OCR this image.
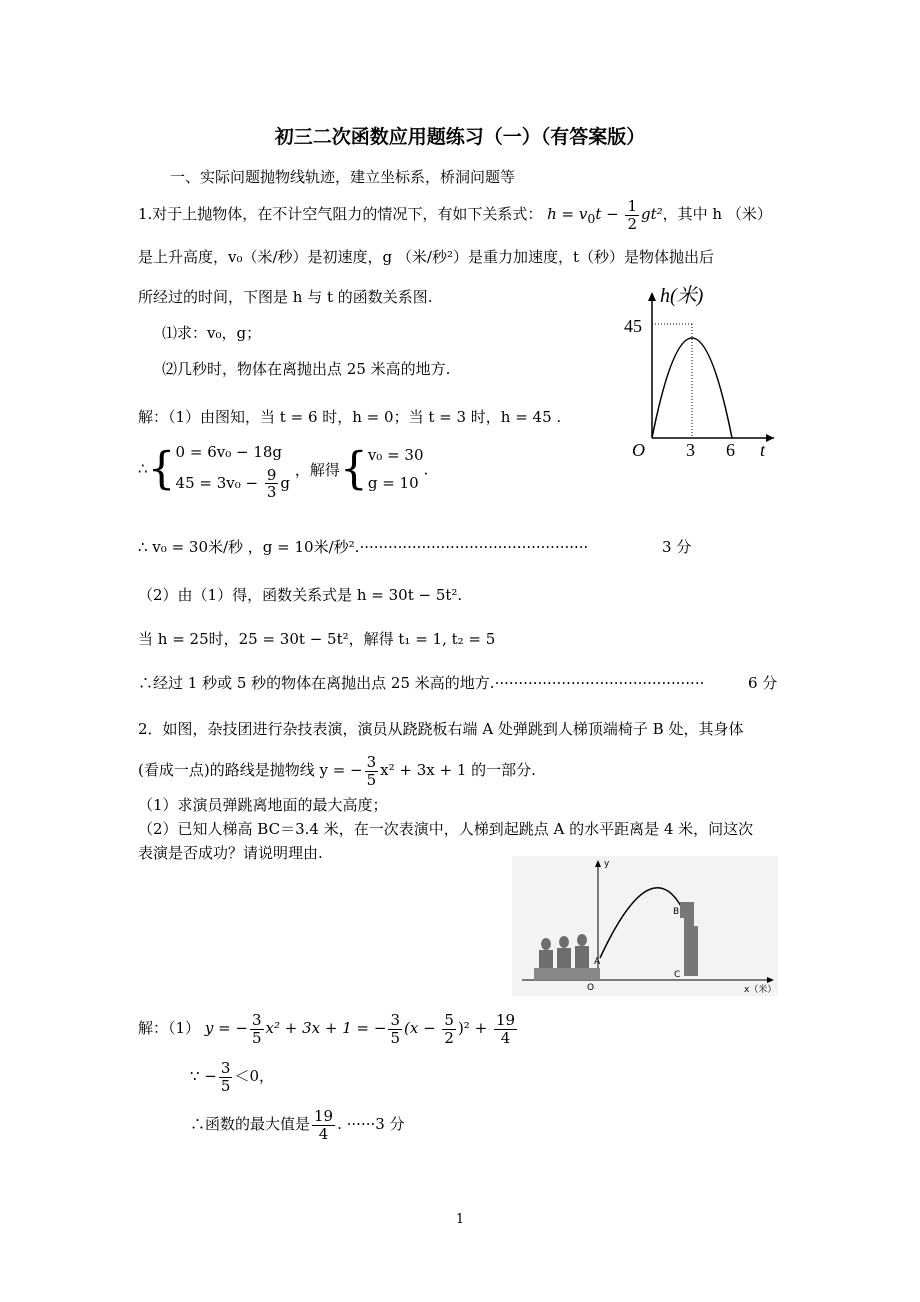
初三二次函数应用题练习（一）（有答案版）
一、实际问题抛物线轨迹，建立坐标系，桥洞问题等
1.对于上抛物体，在不计空气阻力的情况下，有如下关系式： $h = v_0t - \frac{1}{2} gt^2$，其中 h （米）
是上升高度，v₀（米/秒）是初速度，g （米/秒²）是重力加速度，t（秒）是物体抛出后
所经过的时间，下图是 h 与 t 的函数关系图.
⑴求：v₀，g；
⑵几秒时，物体在离抛出点 25 米高的地方.
解：（1）由图知，当 t = 6 时，h = 0；当 t = 3 时，h = 45 .
∴{0 = 6v₀ − 18g
$45 = 3v_0 - \frac{9}{3}$ g ，解得{v₀ = 30
g = 10.
∴ v₀ = 30米/秒 ，g = 10米/秒².················································	3 分
（2）由（1）得，函数关系式是 h = 30t − 5t².
当 h = 25时，25 = 30t − 5t²，解得 t₁ = 1, t₂ = 5
∴经过 1 秒或 5 秒的物体在离抛出点 25 米高的地方.············································	6 分
h(米)
45
O 3 6 t
2．如图，杂技团进行杂技表演，演员从跷跷板右端 A 处弹跳到人梯顶端椅子 B 处，其身体
(看成一点)的路线是抛物线 y = − $\frac{3}{5} x^2 + 3x + 1$ 的一部分.
（1）求演员弹跳离地面的最大高度；
（2）已知人梯高 BC＝3.4 米，在一次表演中，人梯到起跳点 A 的水平距离是 4 米，问这次
表演是否成功？请说明理由.
B
A
C
O
y
x（米）
解：（1） y = − $\frac{3}{5} x^2 + 3x + 1$ = − $\frac{3}{5} (x - \frac{5}{2} )^2 + \frac{19}{4}$
∵ − $\frac{3}{5} <0$，
∴函数的最大值是 $\frac{19}{4}$ . ······3 分
1
